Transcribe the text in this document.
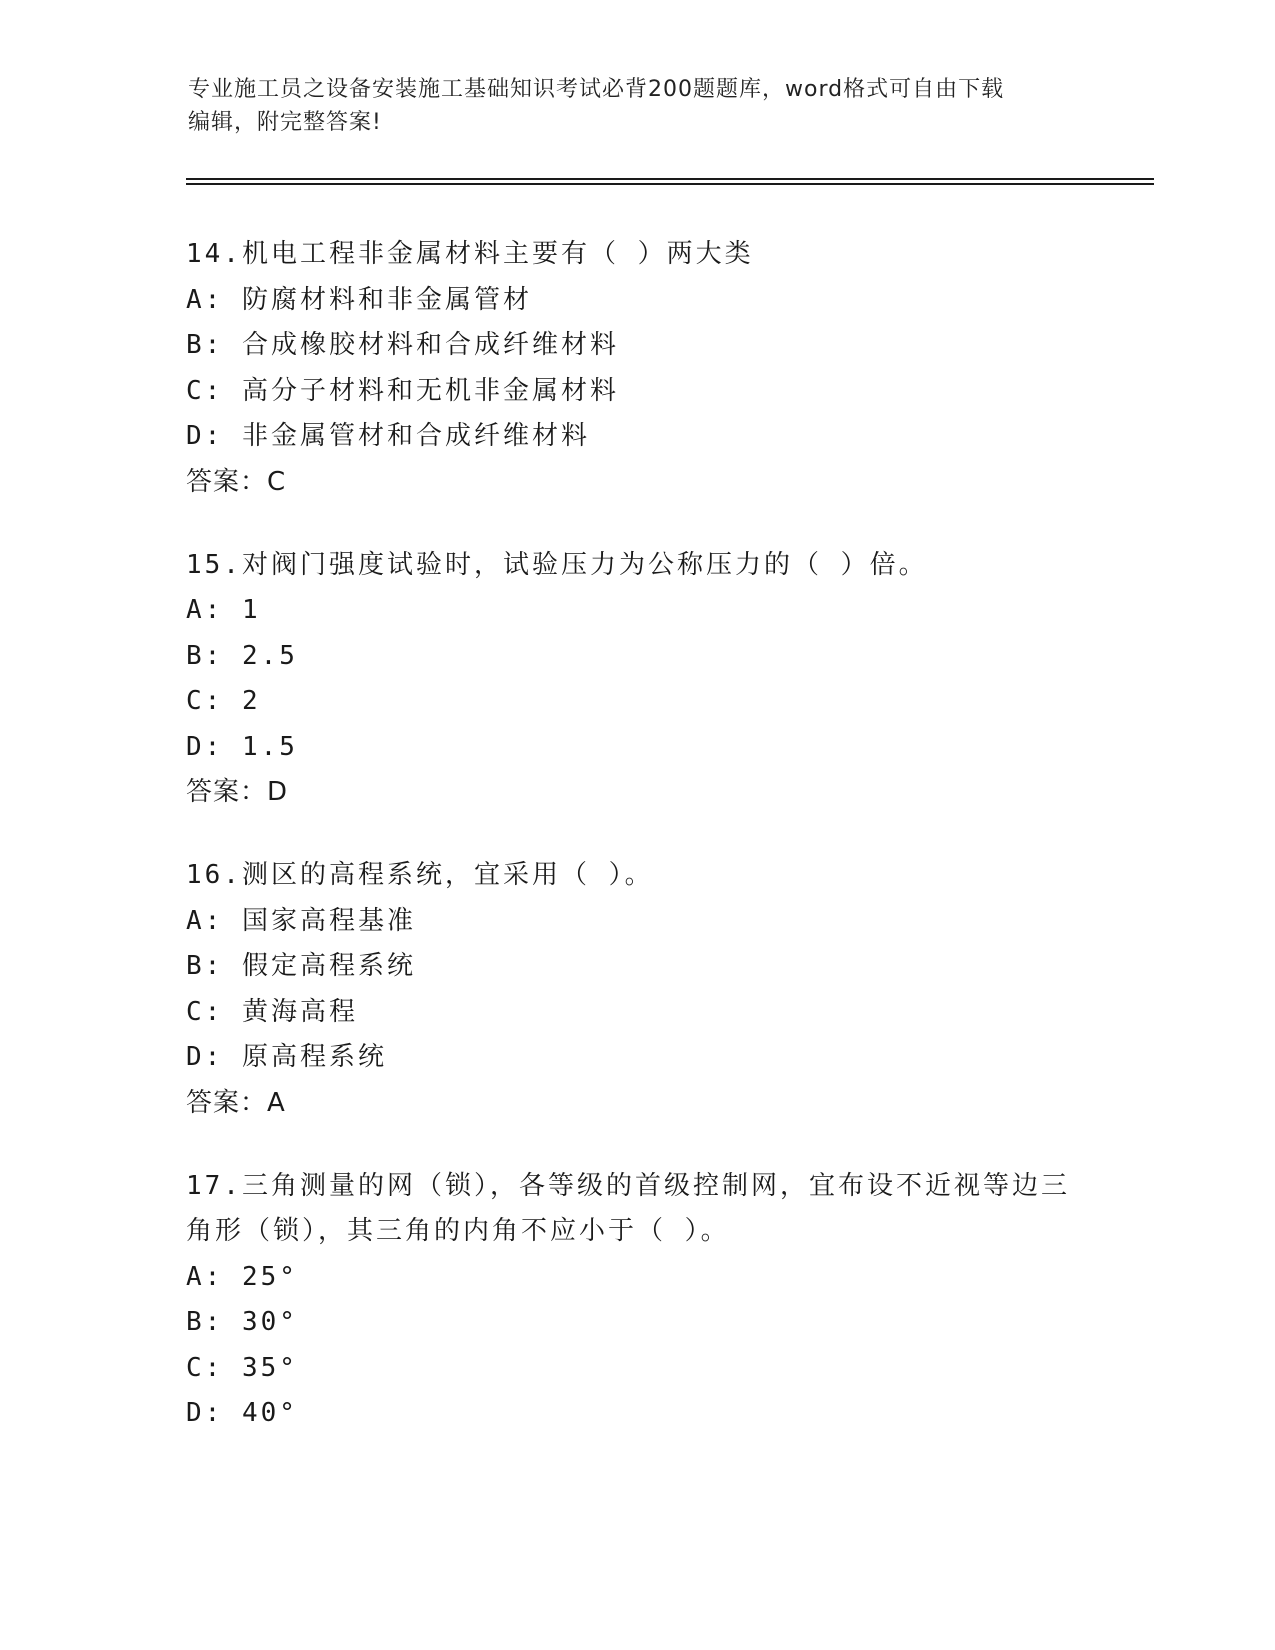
专业施工员之设备安装施工基础知识考试必背200题题库，word格式可自由下载
编辑，附完整答案!
14.机电工程非金属材料主要有（ ）两大类
A: 防腐材料和非金属管材
B: 合成橡胶材料和合成纤维材料
C: 高分子材料和无机非金属材料
D: 非金属管材和合成纤维材料
答案：C
15.对阀门强度试验时，试验压力为公称压力的（ ）倍。
A: 1
B: 2.5
C: 2
D: 1.5
答案：D
16.测区的高程系统，宜采用（ ）。
A: 国家高程基准
B: 假定高程系统
C: 黄海高程
D: 原高程系统
答案：A
17.三角测量的网（锁），各等级的首级控制网，宜布设不近视等边三
角形（锁），其三角的内角不应小于（ ）。
A: 25°
B: 30°
C: 35°
D: 40°
